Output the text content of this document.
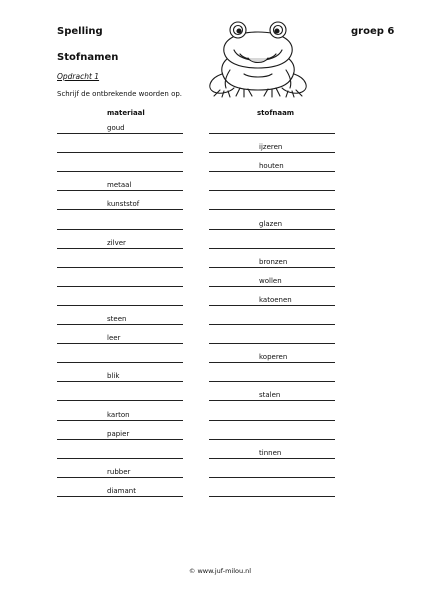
Spelling	groep 6
Stofnamen
Opdracht 1
Schrijf de ontbrekende woorden op.
materiaal	stofnaam
goud
ijzeren
houten
metaal
kunststof
glazen
zilver
bronzen
wollen
katoenen
steen
leer
koperen
blik
stalen
karton
papier
tinnen
rubber
diamant
© www.juf-milou.nl
